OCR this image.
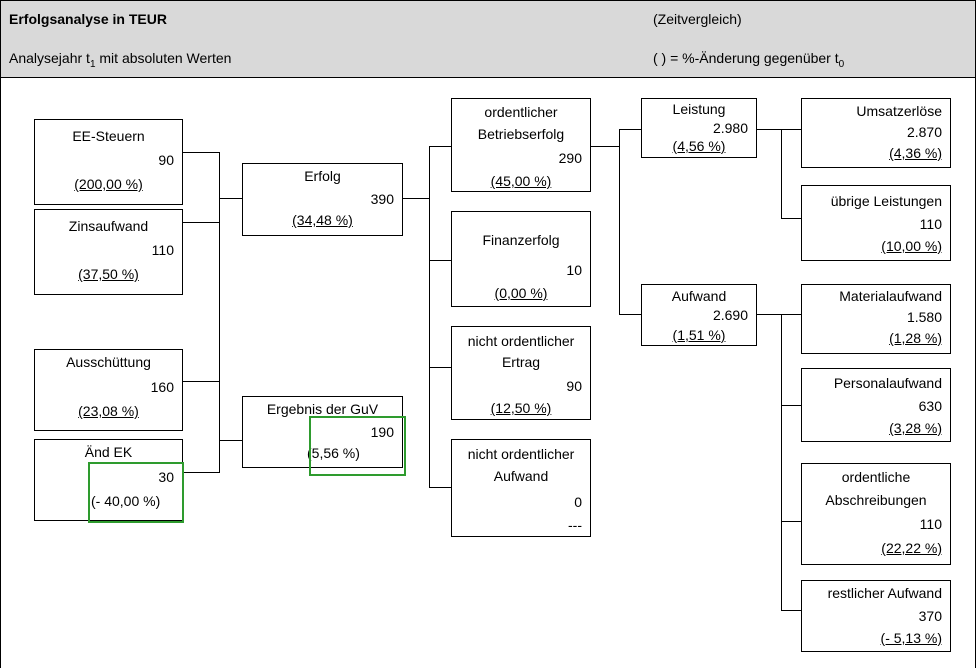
Erfolgsanalyse in TEUR	(Zeitvergleich)
Analysejahr $t_1$ mit absoluten Werten	( ) = %-Änderung gegenüber $t_0$
EE-Steuern
90
(200,00 %)
Zinsaufwand
110
(37,50 %)
Ausschüttung
160
(23,08 %)
Änd EK
30
(- 40,00 %)
Erfolg
390
(34,48 %)
Ergebnis der GuV
190
(5,56 %)
ordentlicher
Betriebserfolg
290
(45,00 %)
Finanzerfolg
10
(0,00 %)
nicht ordentlicher
Ertrag
90
(12,50 %)
nicht ordentlicher
Aufwand
0
---
Leistung
2.980
(4,56 %)
Aufwand
2.690
(1,51 %)
Umsatzerlöse
2.870
(4,36 %)
übrige Leistungen
110
(10,00 %)
Materialaufwand
1.580
(1,28 %)
Personalaufwand
630
(3,28 %)
ordentliche
Abschreibungen
110
(22,22 %)
restlicher Aufwand
370
(- 5,13 %)
